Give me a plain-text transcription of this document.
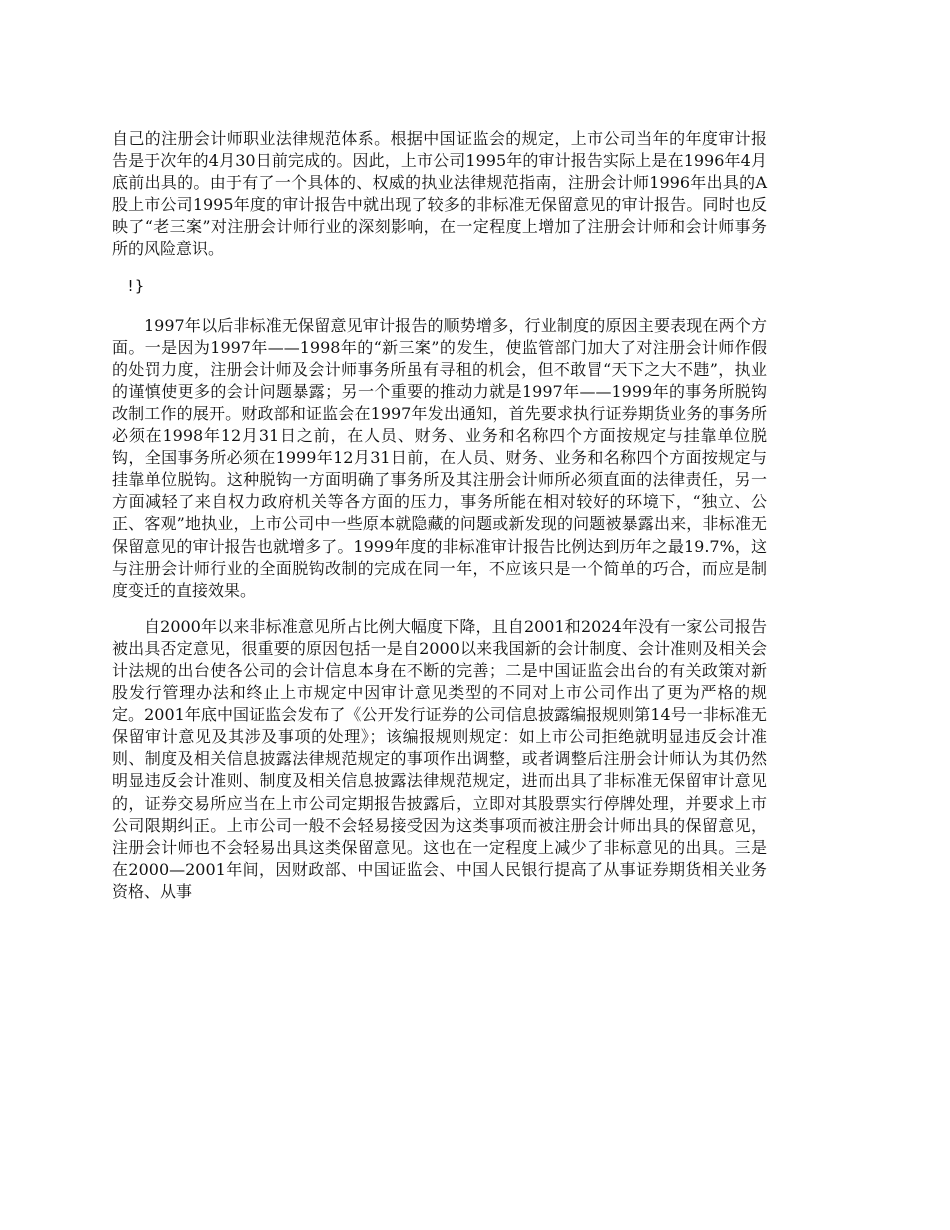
自己的注册会计师职业法律规范体系。根据中国证监会的规定，上市公司当年的年度审计报告是于次年的4月30日前完成的。因此，上市公司1995年的审计报告实际上是在1996年4月底前出具的。由于有了一个具体的、权威的执业法律规范指南，注册会计师1996年出具的A股上市公司1995年度的审计报告中就出现了较多的非标准无保留意见的审计报告。同时也反映了“老三案”对注册会计师行业的深刻影响，在一定程度上增加了注册会计师和会计师事务所的风险意识。

!}

1997年以后非标准无保留意见审计报告的顺势增多，行业制度的原因主要表现在两个方面。一是因为1997年——1998年的“新三案”的发生，使监管部门加大了对注册会计师作假的处罚力度，注册会计师及会计师事务所虽有寻租的机会，但不敢冒“天下之大不韪”，执业的谨慎使更多的会计问题暴露；另一个重要的推动力就是1997年——1999年的事务所脱钩改制工作的展开。财政部和证监会在1997年发出通知，首先要求执行证券期货业务的事务所必须在1998年12月31日之前，在人员、财务、业务和名称四个方面按规定与挂靠单位脱钩，全国事务所必须在1999年12月31日前，在人员、财务、业务和名称四个方面按规定与挂靠单位脱钩。这种脱钩一方面明确了事务所及其注册会计师所必须直面的法律责任，另一方面减轻了来自权力政府机关等各方面的压力，事务所能在相对较好的环境下，“独立、公正、客观”地执业，上市公司中一些原本就隐藏的问题或新发现的问题被暴露出来，非标准无保留意见的审计报告也就增多了。1999年度的非标准审计报告比例达到历年之最19.7%，这与注册会计师行业的全面脱钩改制的完成在同一年，不应该只是一个简单的巧合，而应是制度变迁的直接效果。

自2000年以来非标准意见所占比例大幅度下降，且自2001和2024年没有一家公司报告被出具否定意见，很重要的原因包括一是自2000以来我国新的会计制度、会计准则及相关会计法规的出台使各公司的会计信息本身在不断的完善；二是中国证监会出台的有关政策对新股发行管理办法和终止上市规定中因审计意见类型的不同对上市公司作出了更为严格的规定。2001年底中国证监会发布了《公开发行证券的公司信息披露编报规则第14号一非标准无保留审计意见及其涉及事项的处理》；该编报规则规定：如上市公司拒绝就明显违反会计准则、制度及相关信息披露法律规范规定的事项作出调整，或者调整后注册会计师认为其仍然明显违反会计准则、制度及相关信息披露法律规范规定，进而出具了非标准无保留审计意见的，证券交易所应当在上市公司定期报告披露后，立即对其股票实行停牌处理，并要求上市公司限期纠正。上市公司一般不会轻易接受因为这类事项而被注册会计师出具的保留意见，注册会计师也不会轻易出具这类保留意见。这也在一定程度上减少了非标意见的出具。三是在2000—2001年间，因财政部、中国证监会、中国人民银行提高了从事证券期货相关业务资格、从事
